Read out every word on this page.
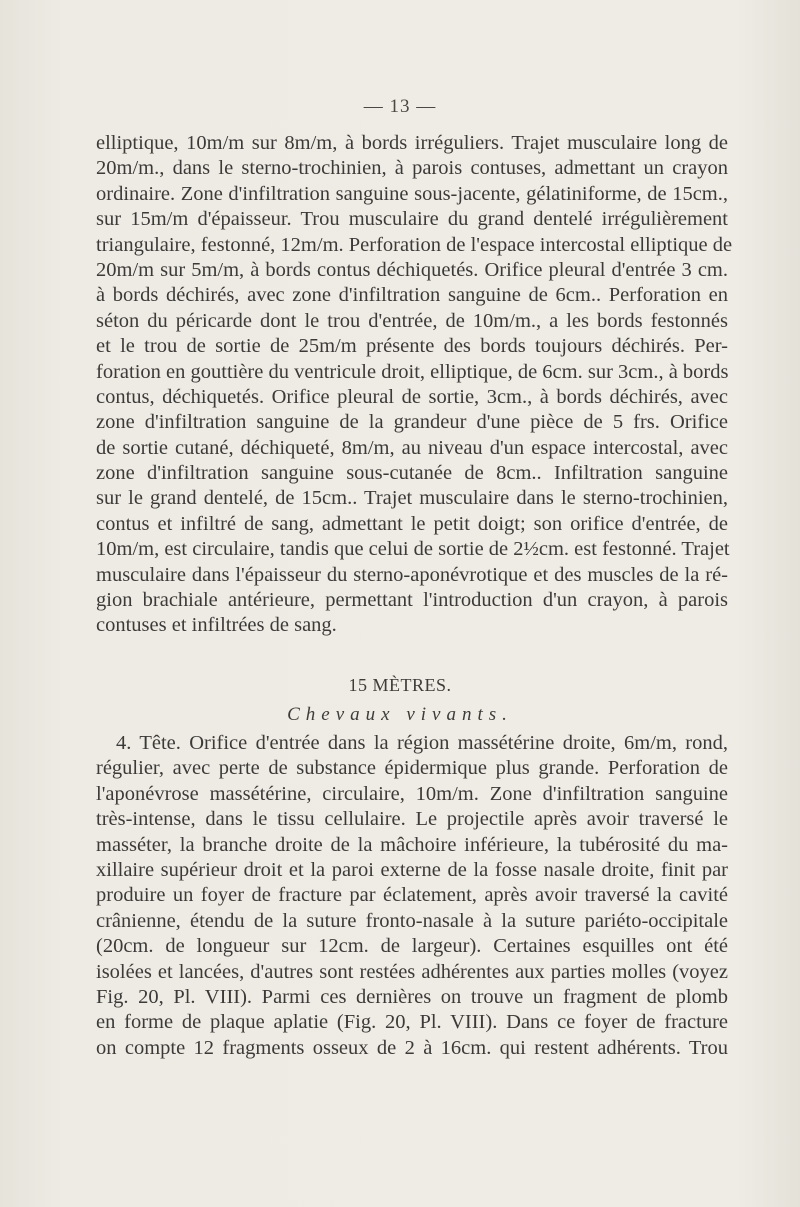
— 13 —
elliptique, 10m/m sur 8m/m, à bords irréguliers. Trajet musculaire long de
20m/m., dans le sterno-trochinien, à parois contuses, admettant un crayon
ordinaire. Zone d'infiltration sanguine sous-jacente, gélatiniforme, de 15cm.,
sur 15m/m d'épaisseur. Trou musculaire du grand dentelé irrégulièrement
triangulaire, festonné, 12m/m. Perforation de l'espace intercostal elliptique de
20m/m sur 5m/m, à bords contus déchiquetés. Orifice pleural d'entrée 3 cm.
à bords déchirés, avec zone d'infiltration sanguine de 6cm.. Perforation en
séton du péricarde dont le trou d'entrée, de 10m/m., a les bords festonnés
et le trou de sortie de 25m/m présente des bords toujours déchirés. Per-
foration en gouttière du ventricule droit, elliptique, de 6cm. sur 3cm., à bords
contus, déchiquetés. Orifice pleural de sortie, 3cm., à bords déchirés, avec
zone d'infiltration sanguine de la grandeur d'une pièce de 5 frs. Orifice
de sortie cutané, déchiqueté, 8m/m, au niveau d'un espace intercostal, avec
zone d'infiltration sanguine sous-cutanée de 8cm.. Infiltration sanguine
sur le grand dentelé, de 15cm.. Trajet musculaire dans le sterno-trochinien,
contus et infiltré de sang, admettant le petit doigt; son orifice d'entrée, de
10m/m, est circulaire, tandis que celui de sortie de 2½cm. est festonné. Trajet
musculaire dans l'épaisseur du sterno-aponévrotique et des muscles de la ré-
gion brachiale antérieure, permettant l'introduction d'un crayon, à parois
contuses et infiltrées de sang.
15 MÈTRES.
Chevaux vivants.
4. Tête. Orifice d'entrée dans la région massétérine droite, 6m/m, rond,
régulier, avec perte de substance épidermique plus grande. Perforation de
l'aponévrose massétérine, circulaire, 10m/m. Zone d'infiltration sanguine
très-intense, dans le tissu cellulaire. Le projectile après avoir traversé le
masséter, la branche droite de la mâchoire inférieure, la tubérosité du ma-
xillaire supérieur droit et la paroi externe de la fosse nasale droite, finit par
produire un foyer de fracture par éclatement, après avoir traversé la cavité
crânienne, étendu de la suture fronto-nasale à la suture pariéto-occipitale
(20cm. de longueur sur 12cm. de largeur). Certaines esquilles ont été
isolées et lancées, d'autres sont restées adhérentes aux parties molles (voyez
Fig. 20, Pl. VIII). Parmi ces dernières on trouve un fragment de plomb
en forme de plaque aplatie (Fig. 20, Pl. VIII). Dans ce foyer de fracture
on compte 12 fragments osseux de 2 à 16cm. qui restent adhérents. Trou
